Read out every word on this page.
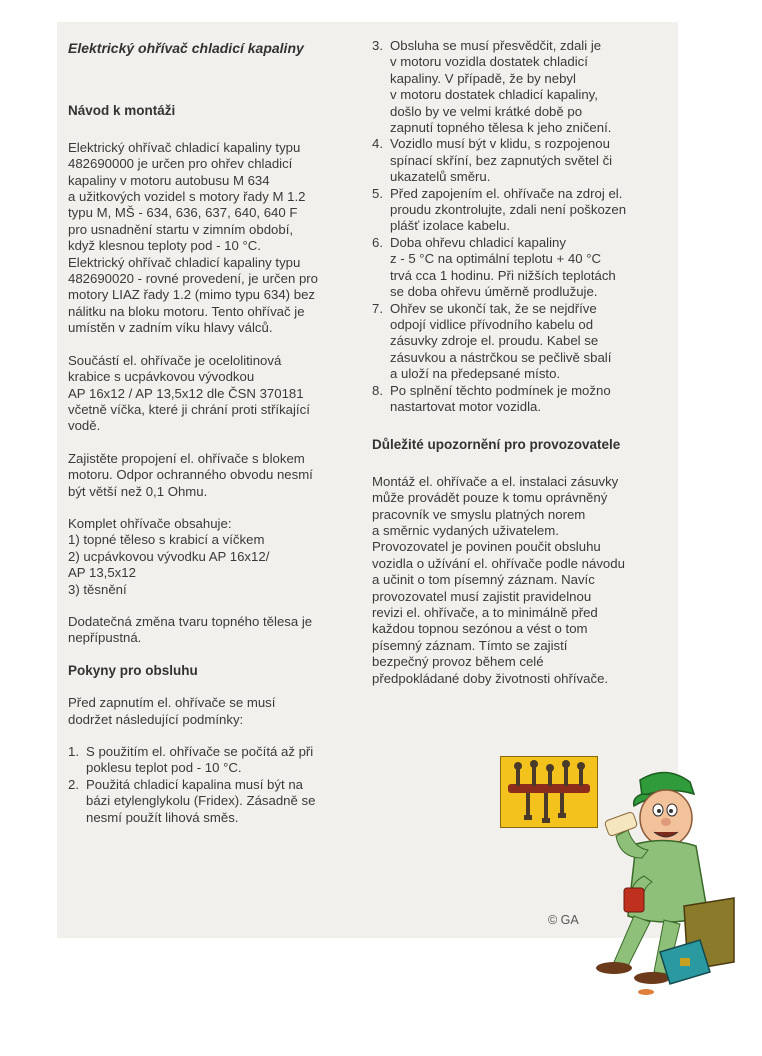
Elektrický ohřívač chladicí kapaliny
Návod k montáži

Elektrický ohřívač chladicí kapaliny typu
482690000 je určen pro ohřev chladicí
kapaliny v motoru autobusu M 634
a užitkových vozidel s motory řady M 1.2
typu M, MŠ - 634, 636, 637, 640, 640 F
pro usnadnění startu v zimním období,
když klesnou teploty pod - 10 °C.
Elektrický ohřívač chladicí kapaliny typu
482690020 - rovné provedení, je určen pro
motory LIAZ řady 1.2 (mimo typu 634) bez
nálitku na bloku motoru. Tento ohřívač je
umístěn v zadním víku hlavy válců.

Součástí el. ohřívače je ocelolitinová
krabice s ucpávkovou vývodkou
AP 16x12 / AP 13,5x12 dle ČSN 370181
včetně víčka, které ji chrání proti stříkající
vodě.

Zajistěte propojení el. ohřívače s blokem
motoru. Odpor ochranného obvodu nesmí
být větší než 0,1 Ohmu.

Komplet ohřívače obsahuje:
1) topné těleso s krabicí a víčkem
2) ucpávkovou vývodku AP 16x12/
AP 13,5x12
3) těsnění

Dodatečná změna tvaru topného tělesa je
nepřípustná.

Pokyny pro obsluhu

Před zapnutím el. ohřívače se musí
dodržet následující podmínky:

1. S použitím el. ohřívače se počítá až při
poklesu teplot pod - 10 °C.
2. Použitá chladicí kapalina musí být na
bázi etylenglykolu (Fridex). Zásadně se
nesmí použít lihová směs.
3. Obsluha se musí přesvědčit, zdali je
v motoru vozidla dostatek chladicí
kapaliny. V případě, že by nebyl
v motoru dostatek chladicí kapaliny,
došlo by ve velmi krátké době po
zapnutí topného tělesa k jeho zničení.
4. Vozidlo musí být v klidu, s rozpojenou
spínací skříní, bez zapnutých světel či
ukazatelů směru.
5. Před zapojením el. ohřívače na zdroj el.
proudu zkontrolujte, zdali není poškozen
plášť izolace kabelu.
6. Doba ohřevu chladicí kapaliny
z - 5 °C na optimální teplotu + 40 °C
trvá cca 1 hodinu. Při nižších teplotách
se doba ohřevu úměrně prodlužuje.
7. Ohřev se ukončí tak, že se nejdříve
odpojí vidlice přívodního kabelu od
zásuvky zdroje el. proudu. Kabel se
zásuvkou a nástrčkou se pečlivě sbalí
a uloží na předepsané místo.
8. Po splnění těchto podmínek je možno
nastartovat motor vozidla.
Důležité upozornění pro provozovatele

Montáž el. ohřívače a el. instalaci zásuvky
může provádět pouze k tomu oprávněný
pracovník ve smyslu platných norem
a směrnic vydaných uživatelem.
Provozovatel je povinen poučit obsluhu
vozidla o užívání el. ohřívače podle návodu
a učinit o tom písemný záznam. Navíc
provozovatel musí zajistit pravidelnou
revizi el. ohřívače, a to minimálně před
každou topnou sezónou a vést o tom
písemný záznam. Tímto se zajistí
bezpečný provoz během celé
předpokládané doby životnosti ohřívače.

© GA
